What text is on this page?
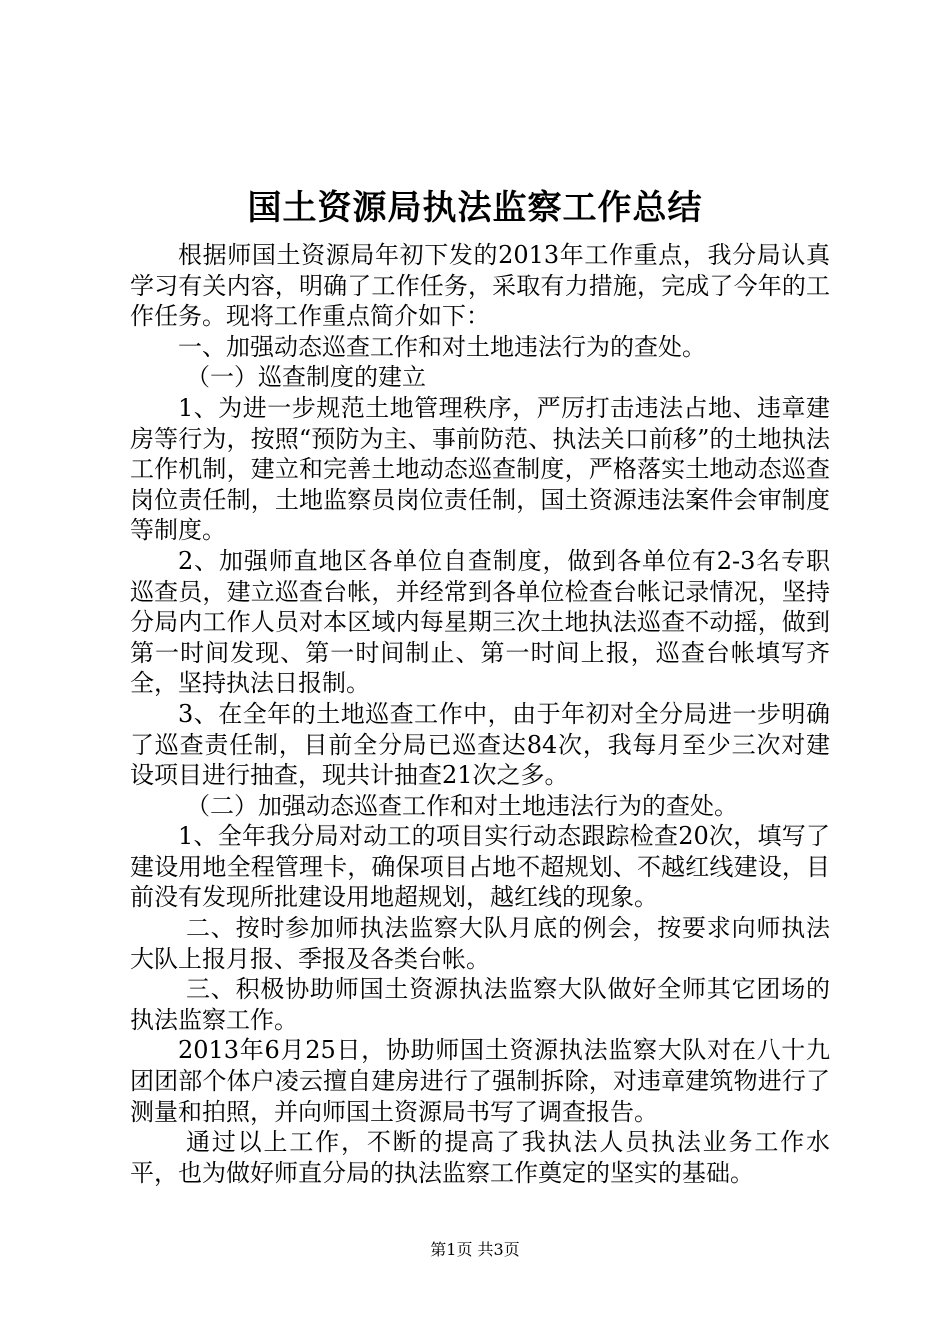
国土资源局执法监察工作总结

根据师国土资源局年初下发的2013年工作重点，我分局认真学习有关内容，明确了工作任务，采取有力措施，完成了今年的工作任务。现将工作重点简介如下：

一、加强动态巡查工作和对土地违法行为的查处。

（一）巡查制度的建立

1、为进一步规范土地管理秩序，严厉打击违法占地、违章建房等行为，按照“预防为主、事前防范、执法关口前移”的土地执法工作机制，建立和完善土地动态巡查制度，严格落实土地动态巡查岗位责任制，土地监察员岗位责任制，国土资源违法案件会审制度等制度。

2、加强师直地区各单位自查制度，做到各单位有2-3名专职巡查员，建立巡查台帐，并经常到各单位检查台帐记录情况，坚持分局内工作人员对本区域内每星期三次土地执法巡查不动摇，做到第一时间发现、第一时间制止、第一时间上报，巡查台帐填写齐全，坚持执法日报制。

3、在全年的土地巡查工作中，由于年初对全分局进一步明确了巡查责任制，目前全分局已巡查达84次，我每月至少三次对建设项目进行抽查，现共计抽查21次之多。

（二）加强动态巡查工作和对土地违法行为的查处。

1、全年我分局对动工的项目实行动态跟踪检查20次，填写了建设用地全程管理卡，确保项目占地不超规划、不越红线建设，目前没有发现所批建设用地超规划，越红线的现象。

二、按时参加师执法监察大队月底的例会，按要求向师执法大队上报月报、季报及各类台帐。

三、积极协助师国土资源执法监察大队做好全师其它团场的执法监察工作。

2013年6月25日，协助师国土资源执法监察大队对在八十九团团部个体户凌云擅自建房进行了强制拆除，对违章建筑物进行了测量和拍照，并向师国土资源局书写了调查报告。

通过以上工作，不断的提高了我执法人员执法业务工作水平，也为做好师直分局的执法监察工作奠定的坚实的基础。

第1页 共3页
